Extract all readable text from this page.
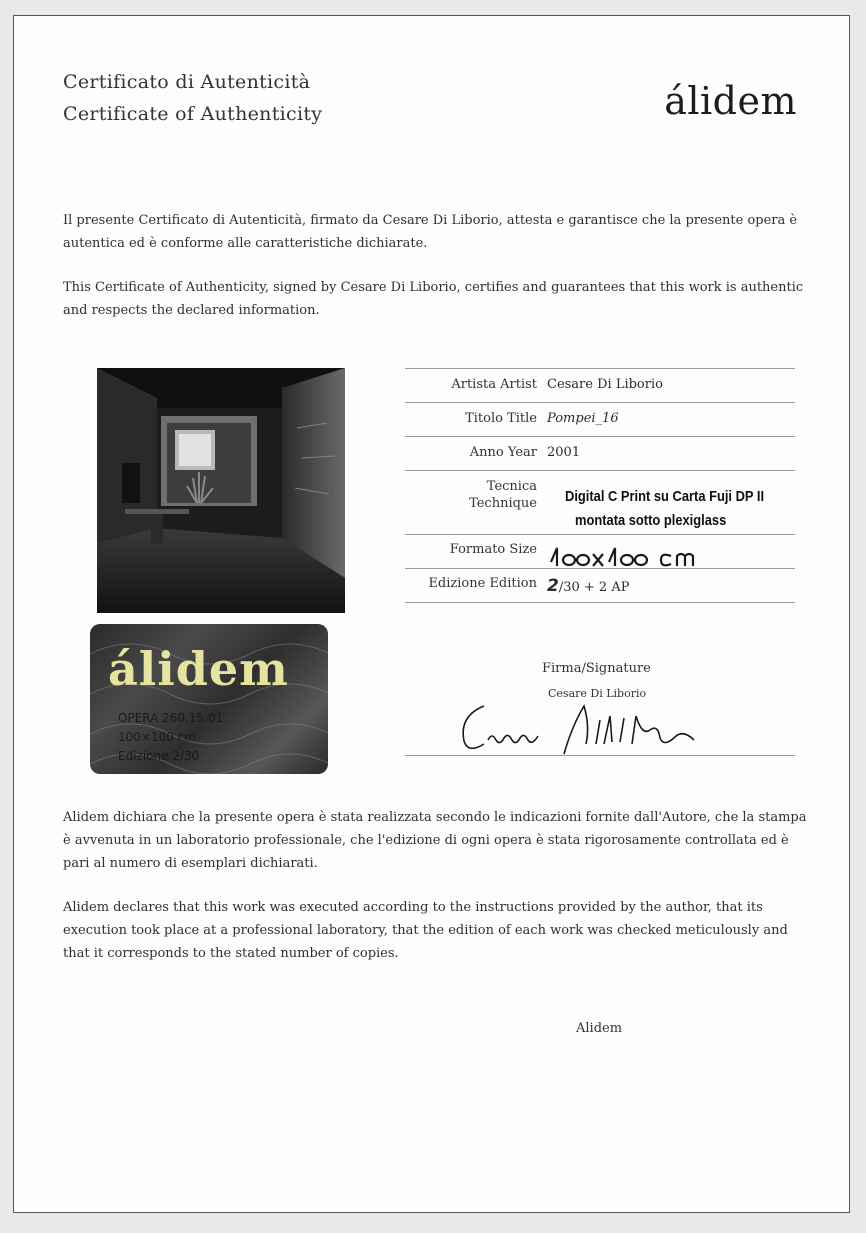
Certificato di Autenticità
Certificate of Authenticity	álidem
Il presente Certificato di Autenticità, firmato da Cesare Di Liborio, attesta e garantisce che la presente opera è autentica ed è conforme alle caratteristiche dichiarate.
This Certificate of Authenticity, signed by Cesare Di Liborio, certifies and guarantees that this work is authentic and respects the declared information.
álidem
OPERA 260.15.01
100×100 cm
Edizione 2/30
Artista Artist Cesare Di Liborio
Titolo Title Pompei_16
Anno Year 2001
Tecnica
Technique Digital C Print su Carta Fuji DP II
montata sotto plexiglass
Formato Size
Edizione Edition 2/30 + 2 AP
Firma/Signature
Cesare Di Liborio
Alidem dichiara che la presente opera è stata realizzata secondo le indicazioni fornite dall'Autore, che la stampa è avvenuta in un laboratorio professionale, che l'edizione di ogni opera è stata rigorosamente controllata ed è pari al numero di esemplari dichiarati.
Alidem declares that this work was executed according to the instructions provided by the author, that its execution took place at a professional laboratory, that the edition of each work was checked meticulously and that it corresponds to the stated number of copies.
Alidem
